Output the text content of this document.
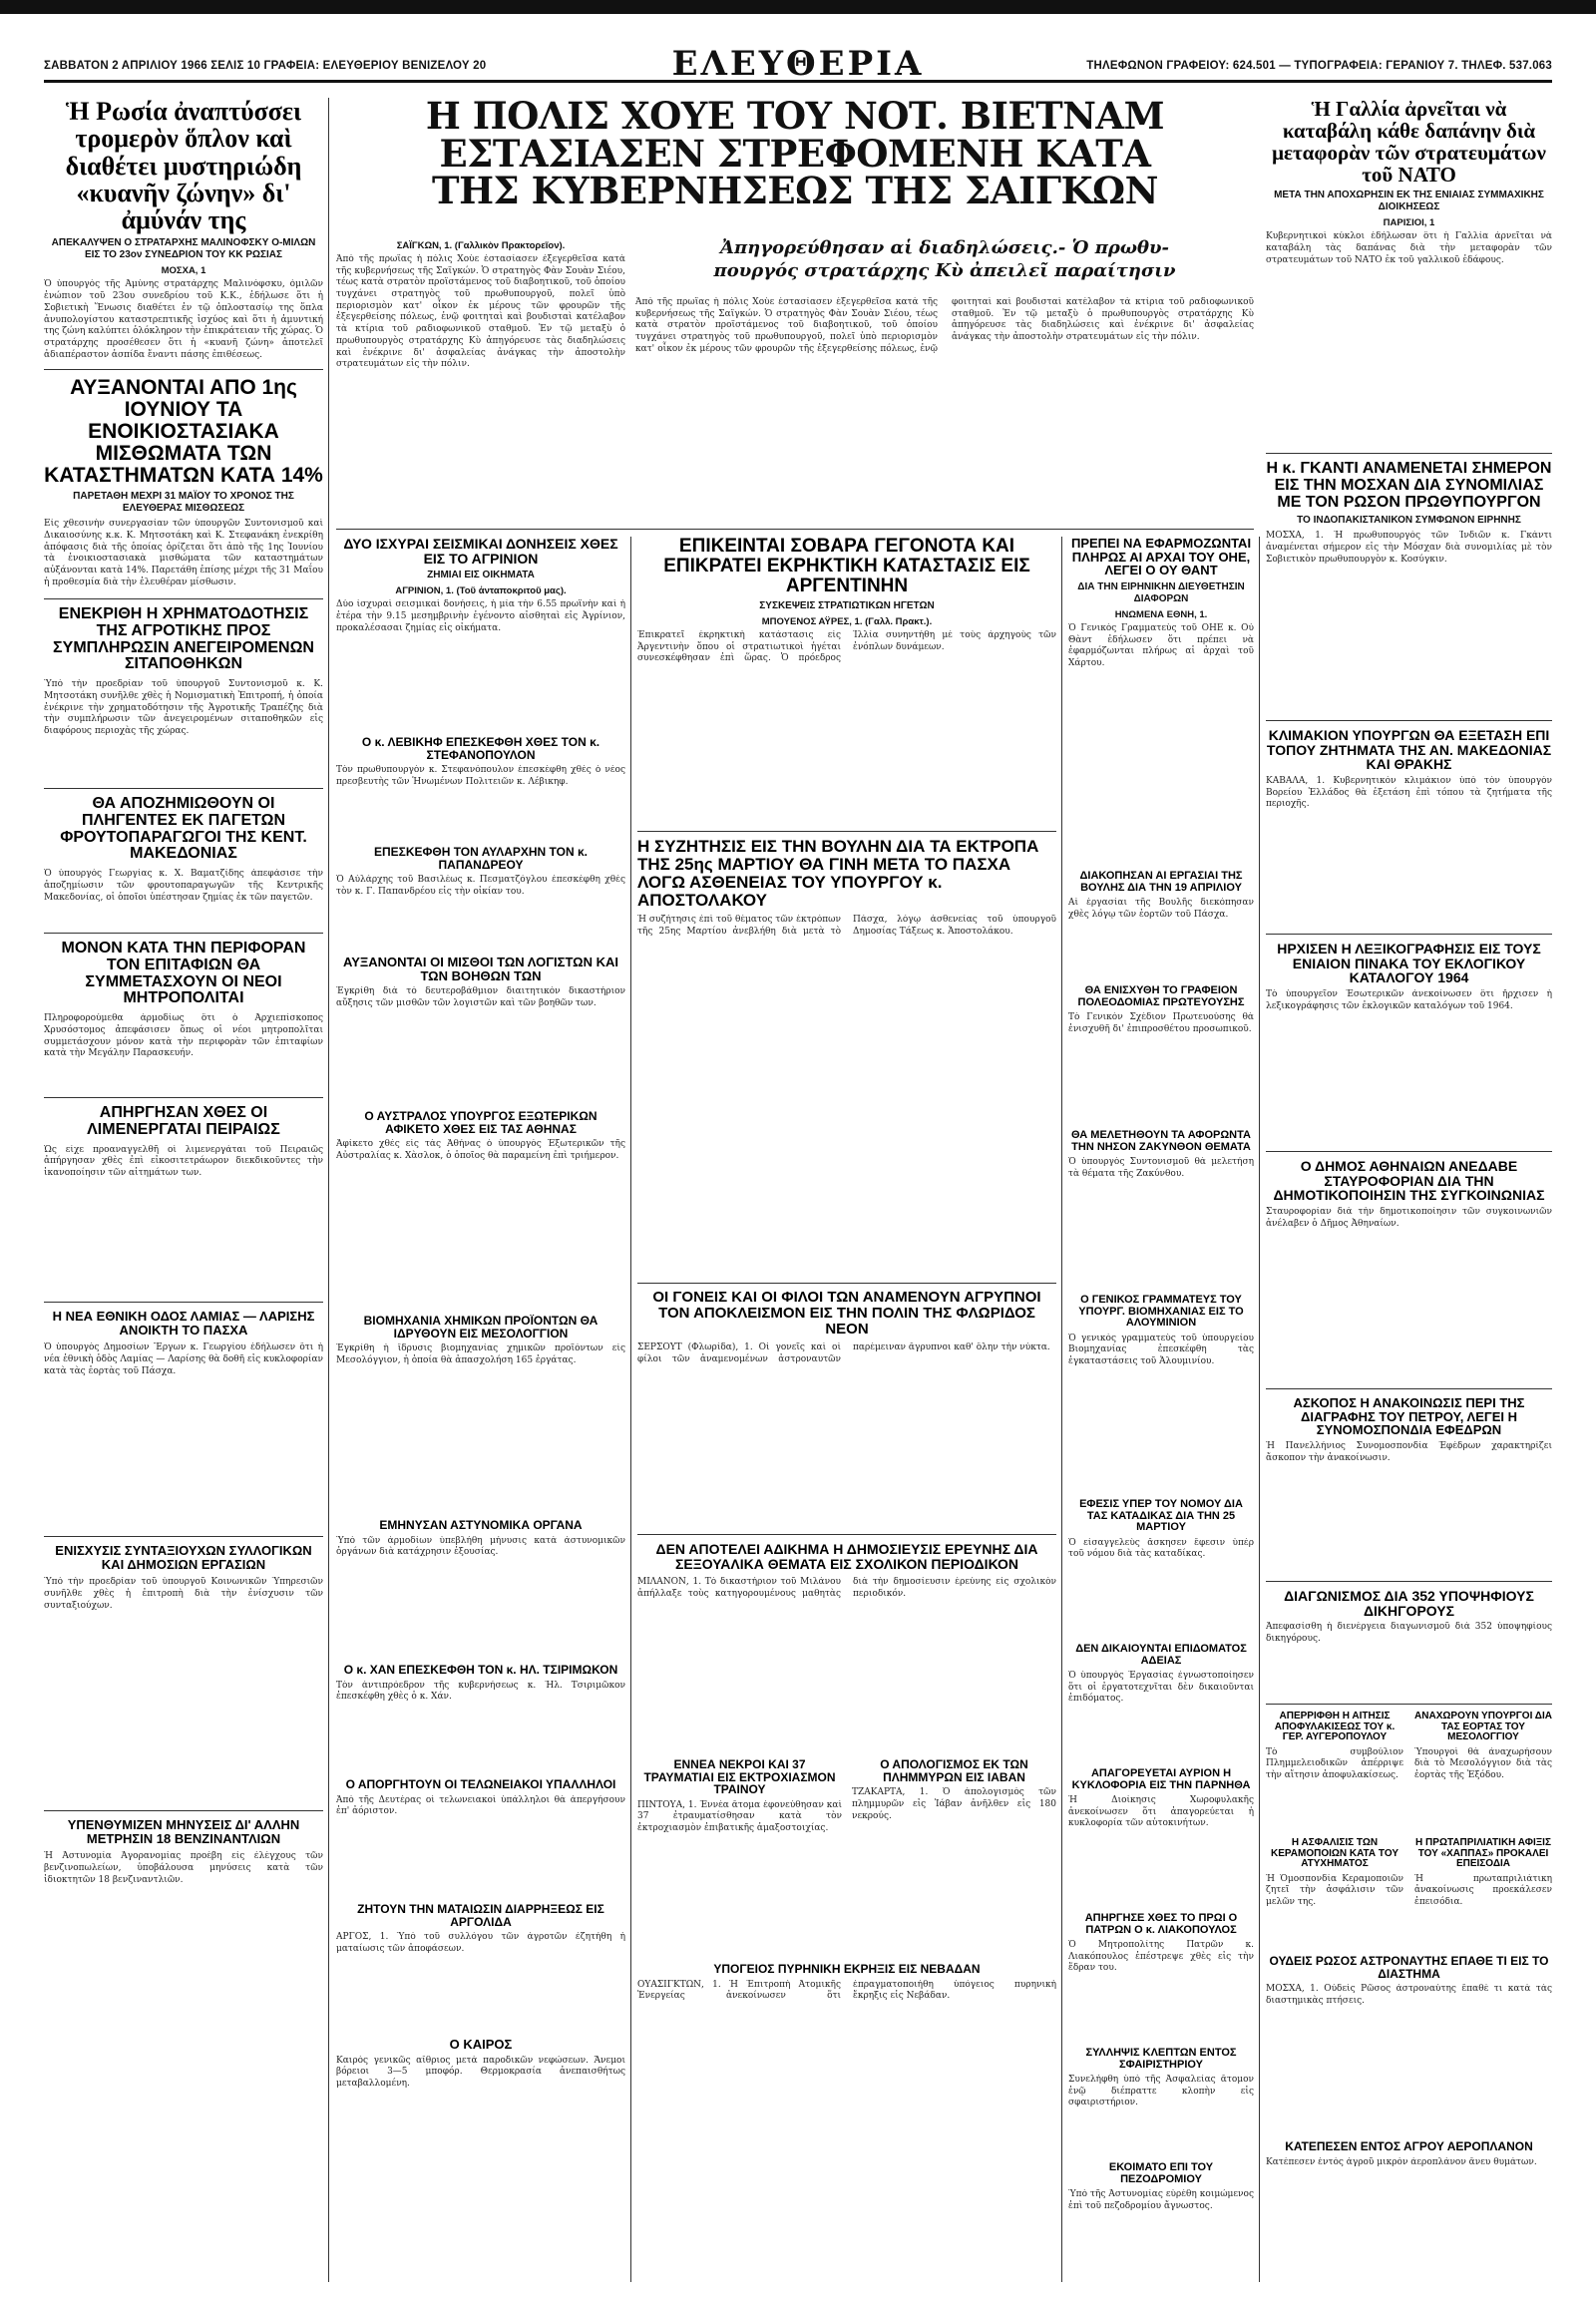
ΣΑΒΒΑΤΟΝ 2 ΑΠΡΙΛΙΟΥ 1966 ΣΕΛΙΣ 10 ΓΡΑΦΕΙΑ: ΕΛΕΥΘΕΡΙΟΥ ΒΕΝΙΖΕΛΟΥ 20	ΕΛΕΥΘΕΡΙΑ	ΤΗΛΕΦΩΝΟΝ ΓΡΑΦΕΙΟΥ: 624.501 — ΤΥΠΟΓΡΑΦΕΙΑ: ΓΕΡΑΝΙΟΥ 7. ΤΗΛΕΦ. 537.063
Ἡ Ρωσία ἀναπτύσσει τρομερὸν ὅπλον καὶ διαθέτει μυστηριώδη «κυανῆν ζώνην» δι' ἀμύνάν της
ΑΠΕΚΑΛΥΨΕΝ Ο ΣΤΡΑΤΑΡΧΗΣ ΜΑΛΙΝΟΦΣΚΥ Ο-ΜΙΛΩΝ ΕΙΣ ΤΟ 23ον ΣΥΝΕΔΡΙΟΝ ΤΟΥ ΚΚ ΡΩΣΙΑΣ
ΜΟΣΧΑ, 1
Ὁ ὑπουργὸς τῆς Ἀμύνης στρατάρχης Μαλινόφσκυ, ὁμιλῶν ἐνώπιον τοῦ 23ου συνεδρίου τοῦ Κ.Κ., ἐδήλωσε ὅτι ἡ Σοβιετικὴ Ἕνωσις διαθέτει ἐν τῷ ὁπλοστασίῳ της ὅπλα ἀνυπολογίστου καταστρεπτικῆς ἰσχύος καὶ ὅτι ἡ ἀμυντική της ζώνη καλύπτει ὁλόκληρον τὴν ἐπικράτειαν τῆς χώρας. Ὁ στρατάρχης προσέθεσεν ὅτι ἡ «κυανῆ ζώνη» ἀποτελεῖ ἀδιαπέραστον ἀσπίδα ἔναντι πάσης ἐπιθέσεως.
ΑΥΞΑΝΟΝΤΑΙ ΑΠΟ 1ης ΙΟΥΝΙΟΥ ΤΑ ΕΝΟΙΚΙΟΣΤΑΣΙΑΚΑ ΜΙΣΘΩΜΑΤΑ ΤΩΝ ΚΑΤΑΣΤΗΜΑΤΩΝ ΚΑΤΑ 14%
ΠΑΡΕΤΑΘΗ ΜΕΧΡΙ 31 ΜΑΪΟΥ ΤΟ ΧΡΟΝΟΣ ΤΗΣ ΕΛΕΥΘΕΡΑΣ ΜΙΣΘΩΣΕΩΣ
Εἰς χθεσινὴν συνεργασίαν τῶν ὑπουργῶν Συντονισμοῦ καὶ Δικαιοσύνης κ.κ. Κ. Μητσοτάκη καὶ Κ. Στεφανάκη ἐνεκρίθη ἀπόφασις διὰ τῆς ὁποίας ὁρίζεται ὅτι ἀπὸ τῆς 1ης Ἰουνίου τὰ ἐνοικιοστασιακὰ μισθώματα τῶν καταστημάτων αὐξάνονται κατὰ 14%. Παρετάθη ἐπίσης μέχρι τῆς 31 Μαΐου ἡ προθεσμία διὰ τὴν ἐλευθέραν μίσθωσιν.
ΕΝΕΚΡΙΘΗ Η ΧΡΗΜΑΤΟΔΟΤΗΣΙΣ ΤΗΣ ΑΓΡΟΤΙΚΗΣ ΠΡΟΣ ΣΥΜΠΛΗΡΩΣΙΝ ΑΝΕΓΕΙΡΟΜΕΝΩΝ ΣΙΤΑΠΟΘΗΚΩΝ
Ὑπὸ τὴν προεδρίαν τοῦ ὑπουργοῦ Συντονισμοῦ κ. Κ. Μητσοτάκη συνῆλθε χθὲς ἡ Νομισματικὴ Ἐπιτροπή, ἡ ὁποία ἐνέκρινε τὴν χρηματοδότησιν τῆς Ἀγροτικῆς Τραπέζης διὰ τὴν συμπλήρωσιν τῶν ἀνεγειρομένων σιταποθηκῶν εἰς διαφόρους περιοχὰς τῆς χώρας.
ΘΑ ΑΠΟΖΗΜΙΩΘΟΥΝ ΟΙ ΠΛΗΓΕΝΤΕΣ ΕΚ ΠΑΓΕΤΩΝ ΦΡΟΥΤΟΠΑΡΑΓΩΓΟΙ ΤΗΣ ΚΕΝΤ. ΜΑΚΕΔΟΝΙΑΣ
Ὁ ὑπουργὸς Γεωργίας κ. Χ. Βαματζίδης ἀπεφάσισε τὴν ἀποζημίωσιν τῶν φρουτοπαραγωγῶν τῆς Κεντρικῆς Μακεδονίας, οἱ ὁποῖοι ὑπέστησαν ζημίας ἐκ τῶν παγετῶν.
ΜΟΝΟΝ ΚΑΤΑ ΤΗΝ ΠΕΡΙΦΟΡΑΝ ΤΟΝ ΕΠΙΤΑΦΙΩΝ ΘΑ ΣΥΜΜΕΤΑΣΧΟΥΝ ΟΙ ΝΕΟΙ ΜΗΤΡΟΠΟΛΙΤΑΙ
Πληροφορούμεθα ἀρμοδίως ὅτι ὁ Ἀρχιεπίσκοπος Χρυσόστομος ἀπεφάσισεν ὅπως οἱ νέοι μητροπολῖται συμμετάσχουν μόνον κατὰ τὴν περιφορὰν τῶν ἐπιταφίων κατὰ τὴν Μεγάλην Παρασκευήν.
ΑΠΗΡΓΗΣΑΝ ΧΘΕΣ ΟΙ ΛΙΜΕΝΕΡΓΑΤΑΙ ΠΕΙΡΑΙΩΣ
Ὡς εἶχε προαναγγελθῆ οἱ λιμενεργάται τοῦ Πειραιῶς ἀπήργησαν χθὲς ἐπὶ εἰκοσιτετράωρον διεκδικοῦντες τὴν ἱκανοποίησιν τῶν αἰτημάτων των.
Η ΝΕΑ ΕΘΝΙΚΗ ΟΔΟΣ ΛΑΜΙΑΣ — ΛΑΡΙΣΗΣ ΑΝΟΙΚΤΗ ΤΟ ΠΑΣΧΑ
Ὁ ὑπουργὸς Δημοσίων Ἔργων κ. Γεωργίου ἐδήλωσεν ὅτι ἡ νέα ἐθνικὴ ὁδὸς Λαμίας — Λαρίσης θὰ δοθῆ εἰς κυκλοφορίαν κατὰ τὰς ἑορτὰς τοῦ Πάσχα.
ΕΝΙΣΧΥΣΙΣ ΣΥΝΤΑΞΙΟΥΧΩΝ ΣΥΛΛΟΓΙΚΩΝ ΚΑΙ ΔΗΜΟΣΙΩΝ ΕΡΓΑΣΙΩΝ
Ὑπὸ τὴν προεδρίαν τοῦ ὑπουργοῦ Κοινωνικῶν Ὑπηρεσιῶν συνῆλθε χθὲς ἡ ἐπιτροπὴ διὰ τὴν ἐνίσχυσιν τῶν συνταξιούχων.
ΥΠΕΝΘΥΜΙΖΕΝ ΜΗΝΥΣΕΙΣ ΔΙ' ΑΛΛΗΝ ΜΕΤΡΗΣΙΝ 18 ΒΕΝΖΙΝΑΝΤΛΙΩΝ
Ἡ Ἀστυνομία Ἀγορανομίας προέβη εἰς ἐλέγχους τῶν βενζινοπωλείων, ὑποβάλουσα μηνύσεις κατὰ τῶν ἰδιοκτητῶν 18 βενζιναντλιῶν.
Η ΠΟΛΙΣ ΧΟΥΕ ΤΟΥ ΝΟΤ. ΒΙΕΤΝΑΜ
ΕΣΤΑΣΙΑΣΕΝ ΣΤΡΕΦΟΜΕΝΗ ΚΑΤΑ
ΤΗΣ ΚΥΒΕΡΝΗΣΕΩΣ ΤΗΣ ΣΑΙΓΚΩΝ
ΣΑΪΓΚΩΝ, 1. (Γαλλικὸν Πρακτορεῖον).
Ἀπὸ τῆς πρωΐας ἡ πόλις Χοὺε ἐστασίασεν ἐξεγερθεῖσα κατὰ τῆς κυβερνήσεως τῆς Σαϊγκών. Ὁ στρατηγὸς Φὰν Σουὰν Σιέου, τέως κατὰ στρατὸν προϊστάμενος τοῦ διαβοητικοῦ, τοῦ ὁποίου τυγχάνει στρατηγὸς τοῦ πρωθυπουργοῦ, πολεῖ ὑπὸ περιορισμὸν κατ' οἶκον ἐκ μέρους τῶν φρουρῶν τῆς ἐξεγερθείσης πόλεως, ἐνῷ φοιτηταὶ καὶ βουδισταὶ κατέλαβον τὰ κτίρια τοῦ ραδιοφωνικοῦ σταθμοῦ. Ἐν τῷ μεταξὺ ὁ πρωθυπουργὸς στρατάρχης Κὺ ἀπηγόρευσε τὰς διαδηλώσεις καὶ ἐνέκρινε δι' ἀσφαλείας ἀνάγκας τὴν ἀποστολὴν στρατευμάτων εἰς τὴν πόλιν.
Ἀπηγορεύθησαν αἱ διαδηλώσεις.- Ὁ πρωθυ-
πουργός στρατάρχης Κὺ ἀπειλεῖ παραίτησιν
Ἀπὸ τῆς πρωΐας ἡ πόλις Χοὺε ἐστασίασεν ἐξεγερθεῖσα κατὰ τῆς κυβερνήσεως τῆς Σαϊγκών. Ὁ στρατηγὸς Φὰν Σουὰν Σιέου, τέως κατὰ στρατὸν προϊστάμενος τοῦ διαβοητικοῦ, τοῦ ὁποίου τυγχάνει στρατηγὸς τοῦ πρωθυπουργοῦ, πολεῖ ὑπὸ περιορισμὸν κατ' οἶκον ἐκ μέρους τῶν φρουρῶν τῆς ἐξεγερθείσης πόλεως, ἐνῷ φοιτηταὶ καὶ βουδισταὶ κατέλαβον τὰ κτίρια τοῦ ραδιοφωνικοῦ σταθμοῦ. Ἐν τῷ μεταξὺ ὁ πρωθυπουργὸς στρατάρχης Κὺ ἀπηγόρευσε τὰς διαδηλώσεις καὶ ἐνέκρινε δι' ἀσφαλείας ἀνάγκας τὴν ἀποστολὴν στρατευμάτων εἰς τὴν πόλιν.
ΔΥΟ ΙΣΧΥΡΑΙ ΣΕΙΣΜΙΚΑΙ ΔΟΝΗΣΕΙΣ ΧΘΕΣ ΕΙΣ ΤΟ ΑΓΡΙΝΙΟΝ
ΖΗΜΙΑΙ ΕΙΣ ΟΙΚΗΜΑΤΑ
ΑΓΡΙΝΙΟΝ, 1. (Τοῦ ἀνταποκριτοῦ μας).
Δύο ἰσχυραὶ σεισμικαὶ δονήσεις, ἡ μία τὴν 6.55 πρωϊνὴν καὶ ἡ ἑτέρα τὴν 9.15 μεσημβρινὴν ἐγένοντο αἰσθηταὶ εἰς Ἀγρίνιον, προκαλέσασαι ζημίας εἰς οἰκήματα.
Ο κ. ΛΕΒΙΚΗΦ ΕΠΕΣΚΕΦΘΗ ΧΘΕΣ ΤΟΝ κ. ΣΤΕΦΑΝΟΠΟΥΛΟΝ
Τὸν πρωθυπουργὸν κ. Στεφανόπουλον ἐπεσκέφθη χθὲς ὁ νέος πρεσβευτὴς τῶν Ἡνωμένων Πολιτειῶν κ. Λέβικηφ.
ΕΠΕΣΚΕΦΘΗ ΤΟΝ ΑΥΛΑΡΧΗΝ ΤΟΝ κ. ΠΑΠΑΝΔΡΕΟΥ
Ὁ Αὐλάρχης τοῦ Βασιλέως κ. Πεσματζόγλου ἐπεσκέφθη χθὲς τὸν κ. Γ. Παπανδρέου εἰς τὴν οἰκίαν του.
ΑΥΞΑΝΟΝΤΑΙ ΟΙ ΜΙΣΘΟΙ ΤΩΝ ΛΟΓΙΣΤΩΝ ΚΑΙ ΤΩΝ ΒΟΗΘΩΝ ΤΩΝ
Ἐγκρίθη διὰ τὸ δευτεροβάθμιον διαιτητικὸν δικαστήριον αὔξησις τῶν μισθῶν τῶν λογιστῶν καὶ τῶν βοηθῶν των.
Ο ΑΥΣΤΡΑΛΟΣ ΥΠΟΥΡΓΟΣ ΕΞΩΤΕΡΙΚΩΝ ΑΦΙΚΕΤΟ ΧΘΕΣ ΕΙΣ ΤΑΣ ΑΘΗΝΑΣ
Ἀφίκετο χθὲς εἰς τὰς Ἀθήνας ὁ ὑπουργὸς Ἐξωτερικῶν τῆς Αὐστραλίας κ. Χὰσλοκ, ὁ ὁποῖος θὰ παραμείνη ἐπὶ τριήμερον.
ΒΙΟΜΗΧΑΝΙΑ ΧΗΜΙΚΩΝ ΠΡΟΪΟΝΤΩΝ ΘΑ ΙΔΡΥΘΟΥΝ ΕΙΣ ΜΕΣΟΛΟΓΓΙΟΝ
Ἐγκρίθη ἡ ἵδρυσις βιομηχανίας χημικῶν προϊόντων εἰς Μεσολόγγιον, ἡ ὁποία θὰ ἀπασχολήση 165 ἐργάτας.
ΕΜΗΝΥΣΑΝ ΑΣΤΥΝΟΜΙΚΑ ΟΡΓΑΝΑ
Ὑπὸ τῶν ἁρμοδίων ὑπεβλήθη μήνυσις κατὰ ἀστυνομικῶν ὀργάνων διὰ κατάχρησιν ἐξουσίας.
Ο κ. ΧΑΝ ΕΠΕΣΚΕΦΘΗ ΤΟΝ κ. ΗΛ. ΤΣΙΡΙΜΩΚΟΝ
Τὸν ἀντιπρόεδρον τῆς κυβερνήσεως κ. Ἠλ. Τσιριμῶκον ἐπεσκέφθη χθὲς ὁ κ. Χάν.
Ο ΑΠΟΡΓΗΤΟΥΝ ΟΙ ΤΕΛΩΝΕΙΑΚΟΙ ΥΠΑΛΛΗΛΟΙ
Ἀπὸ τῆς Δευτέρας οἱ τελωνειακοὶ ὑπάλληλοι θὰ ἀπεργήσουν ἐπ' ἀόριστον.
ΖΗΤΟΥΝ ΤΗΝ ΜΑΤΑΙΩΣΙΝ ΔΙΑΡΡΗΞΕΩΣ ΕΙΣ ΑΡΓΟΛΙΔΑ
ΑΡΓΟΣ, 1. Ὑπὸ τοῦ συλλόγου τῶν ἀγροτῶν ἐζητήθη ἡ ματαίωσις τῶν ἀποφάσεων.
Ο ΚΑΙΡΟΣ
Καιρὸς γενικῶς αἴθριος μετὰ παροδικῶν νεφώσεων. Ἄνεμοι βόρειοι 3—5 μποφόρ. Θερμοκρασία ἀνεπαισθήτως μεταβαλλομένη.
ΕΠΙΚΕΙΝΤΑΙ ΣΟΒΑΡΑ ΓΕΓΟΝΟΤΑ ΚΑΙ ΕΠΙΚΡΑΤΕΙ ΕΚΡΗΚΤΙΚΗ ΚΑΤΑΣΤΑΣΙΣ ΕΙΣ ΑΡΓΕΝΤΙΝΗΝ
ΣΥΣΚΕΨΕΙΣ ΣΤΡΑΤΙΩΤΙΚΩΝ ΗΓΕΤΩΝ
ΜΠΟΥΕΝΟΣ ΑΫΡΕΣ, 1. (Γαλλ. Πρακτ.).
Ἐπικρατεῖ ἐκρηκτικὴ κατάστασις εἰς Ἀργεντινὴν ὅπου οἱ στρατιωτικοὶ ἡγέται συνεσκέφθησαν ἐπὶ ὥρας. Ὁ πρόεδρος Ἰλλία συνηντήθη μὲ τοὺς ἀρχηγοὺς τῶν ἐνόπλων δυνάμεων.
Η ΣΥΖΗΤΗΣΙΣ ΕΙΣ ΤΗΝ ΒΟΥΛΗΝ ΔΙΑ ΤΑ ΕΚΤΡΟΠΑ ΤΗΣ 25ης ΜΑΡΤΙΟΥ ΘΑ ΓΙΝΗ ΜΕΤΑ ΤΟ ΠΑΣΧΑ ΛΟΓΩ ΑΣΘΕΝΕΙΑΣ ΤΟΥ ΥΠΟΥΡΓΟΥ κ. ΑΠΟΣΤΟΛΑΚΟΥ
Ἡ συζήτησις ἐπὶ τοῦ θέματος τῶν ἐκτρόπων τῆς 25ης Μαρτίου ἀνεβλήθη διὰ μετὰ τὸ Πάσχα, λόγῳ ἀσθενείας τοῦ ὑπουργοῦ Δημοσίας Τάξεως κ. Ἀποστολάκου.
ΟΙ ΓΟΝΕΙΣ ΚΑΙ ΟΙ ΦΙΛΟΙ ΤΩΝ ΑΝΑΜΕΝΟΥΝ ΑΓΡΥΠΝΟΙ ΤΟΝ ΑΠΟΚΛΕΙΣΜΟΝ ΕΙΣ ΤΗΝ ΠΟΛΙΝ ΤΗΣ ΦΛΩΡΙΔΟΣ ΝΕΟΝ
ΣΕΡΣΟΫΤ (Φλωρίδα), 1. Οἱ γονεῖς καὶ οἱ φίλοι τῶν ἀναμενομένων ἀστροναυτῶν παρέμειναν ἄγρυπνοι καθ' ὅλην τὴν νύκτα.
ΔΕΝ ΑΠΟΤΕΛΕΙ ΑΔΙΚΗΜΑ Η ΔΗΜΟΣΙΕΥΣΙΣ ΕΡΕΥΝΗΣ ΔΙΑ ΣΕΞΟΥΑΛΙΚΑ ΘΕΜΑΤΑ ΕΙΣ ΣΧΟΛΙΚΟΝ ΠΕΡΙΟΔΙΚΟΝ
ΜΙΛΑΝΟΝ, 1. Τὸ δικαστήριον τοῦ Μιλάνου ἀπήλλαξε τοὺς κατηγορουμένους μαθητὰς διὰ τὴν δημοσίευσιν ἐρεύνης εἰς σχολικὸν περιοδικόν.
ΕΝΝΕΑ ΝΕΚΡΟΙ ΚΑΙ 37 ΤΡΑΥΜΑΤΙΑΙ ΕΙΣ ΕΚΤΡΟΧΙΑΣΜΟΝ ΤΡΑΙΝΟΥ
ΠΙΝΤΟΥΑ, 1. Ἐννέα ἄτομα ἐφονεύθησαν καὶ 37 ἐτραυματίσθησαν κατὰ τὸν ἐκτροχιασμὸν ἐπιβατικῆς ἀμαξοστοιχίας.
Ο ΑΠΟΛΟΓΙΣΜΟΣ ΕΚ ΤΩΝ ΠΛΗΜΜΥΡΩΝ ΕΙΣ ΙΑΒΑΝ
ΤΖΑΚΑΡΤΑ, 1. Ὁ ἀπολογισμὸς τῶν πλημμυρῶν εἰς Ἰάβαν ἀνῆλθεν εἰς 180 νεκρούς.
ΥΠΟΓΕΙΟΣ ΠΥΡΗΝΙΚΗ ΕΚΡΗΞΙΣ ΕΙΣ ΝΕΒΑΔΑΝ
ΟΥΑΣΙΓΚΤΩΝ, 1. Ἡ Ἐπιτροπὴ Ἀτομικῆς Ἐνεργείας ἀνεκοίνωσεν ὅτι ἐπραγματοποιήθη ὑπόγειος πυρηνικὴ ἔκρηξις εἰς Νεβάδαν.
ΠΡΕΠΕΙ ΝΑ ΕΦΑΡΜΟΖΩΝΤΑΙ ΠΛΗΡΩΣ ΑΙ ΑΡΧΑΙ ΤΟΥ ΟΗΕ, ΛΕΓΕΙ Ο ΟΥ ΘΑΝΤ
ΔΙΑ ΤΗΝ ΕΙΡΗΝΙΚΗΝ ΔΙΕΥΘΕΤΗΣΙΝ ΔΙΑΦΟΡΩΝ
ΗΝΩΜΕΝΑ ΕΘΝΗ, 1.
Ὁ Γενικὸς Γραμματεὺς τοῦ ΟΗΕ κ. Οὖ Θὰντ ἐδήλωσεν ὅτι πρέπει νὰ ἐφαρμόζωνται πλήρως αἱ ἀρχαὶ τοῦ Χάρτου.
ΔΙΑΚΟΠΗΣΑΝ ΑΙ ΕΡΓΑΣΙΑΙ ΤΗΣ ΒΟΥΛΗΣ ΔΙΑ ΤΗΝ 19 ΑΠΡΙΛΙΟΥ
Αἱ ἐργασίαι τῆς Βουλῆς διεκόπησαν χθὲς λόγῳ τῶν ἑορτῶν τοῦ Πάσχα.
ΘΑ ΕΝΙΣΧΥΘΗ ΤΟ ΓΡΑΦΕΙΟΝ ΠΟΛΕΟΔΟΜΙΑΣ ΠΡΩΤΕΥΟΥΣΗΣ
Τὸ Γενικὸν Σχέδιον Πρωτευούσης θὰ ἐνισχυθῆ δι' ἐπιπροσθέτου προσωπικοῦ.
ΘΑ ΜΕΛΕΤΗΘΟΥΝ ΤΑ ΑΦΟΡΩΝΤΑ ΤΗΝ ΝΗΣΟΝ ΖΑΚΥΝΘΟΝ ΘΕΜΑΤΑ
Ὁ ὑπουργὸς Συντονισμοῦ θὰ μελετήση τὰ θέματα τῆς Ζακύνθου.
Ο ΓΕΝΙΚΟΣ ΓΡΑΜΜΑΤΕΥΣ ΤΟΥ ΥΠΟΥΡΓ. ΒΙΟΜΗΧΑΝΙΑΣ ΕΙΣ ΤΟ ΑΛΟΥΜΙΝΙΟΝ
Ὁ γενικὸς γραμματεὺς τοῦ ὑπουργείου Βιομηχανίας ἐπεσκέφθη τὰς ἐγκαταστάσεις τοῦ Ἀλουμινίου.
ΕΦΕΣΙΣ ΥΠΕΡ ΤΟΥ ΝΟΜΟΥ ΔΙΑ ΤΑΣ ΚΑΤΑΔΙΚΑΣ ΔΙΑ ΤΗΝ 25 ΜΑΡΤΙΟΥ
Ὁ εἰσαγγελεὺς ἄσκησεν ἔφεσιν ὑπὲρ τοῦ νόμου διὰ τὰς καταδίκας.
ΔΕΝ ΔΙΚΑΙΟΥΝΤΑΙ ΕΠΙΔΟΜΑΤΟΣ ΑΔΕΙΑΣ
Ὁ ὑπουργὸς Ἐργασίας ἐγνωστοποίησεν ὅτι οἱ ἐργατοτεχνῖται δὲν δικαιοῦνται ἐπιδόματος.
ΑΠΑΓΟΡΕΥΕΤΑΙ ΑΥΡΙΟΝ Η ΚΥΚΛΟΦΟΡΙΑ ΕΙΣ ΤΗΝ ΠΑΡΝΗΘΑ
Ἡ Διοίκησις Χωροφυλακῆς ἀνεκοίνωσεν ὅτι ἀπαγορεύεται ἡ κυκλοφορία τῶν αὐτοκινήτων.
ΑΠΗΡΓΗΣΕ ΧΘΕΣ ΤΟ ΠΡΩΙ Ο ΠΑΤΡΩΝ Ο κ. ΛΙΑΚΟΠΟΥΛΟΣ
Ὁ Μητροπολίτης Πατρῶν κ. Λιακόπουλος ἐπέστρεψε χθὲς εἰς τὴν ἕδραν του.
ΣΥΛΛΗΨΙΣ ΚΛΕΠΤΩΝ ΕΝΤΟΣ ΣΦΑΙΡΙΣΤΗΡΙΟΥ
Συνελήφθη ὑπὸ τῆς Ἀσφαλείας ἄτομον ἐνῷ διέπραττε κλοπὴν εἰς σφαιριστήριον.
ΕΚΟΙΜΑΤΟ ΕΠΙ ΤΟΥ ΠΕΖΟΔΡΟΜΙΟΥ
Ὑπὸ τῆς Ἀστυνομίας εὑρέθη κοιμώμενος ἐπὶ τοῦ πεζοδρομίου ἄγνωστος.
Ἡ Γαλλία ἀρνεῖται νὰ καταβάλη κάθε δαπάνην διὰ μεταφορὰν τῶν στρατευμάτων τοῦ ΝΑΤΟ
ΜΕΤΑ ΤΗΝ ΑΠΟΧΩΡΗΣΙΝ ΕΚ ΤΗΣ ΕΝΙΑΙΑΣ ΣΥΜΜΑΧΙΚΗΣ ΔΙΟΙΚΗΣΕΩΣ
ΠΑΡΙΣΙΟΙ, 1
Κυβερνητικοὶ κύκλοι ἐδήλωσαν ὅτι ἡ Γαλλία ἀρνεῖται νὰ καταβάλη τὰς δαπάνας διὰ τὴν μεταφορὰν τῶν στρατευμάτων τοῦ ΝΑΤΟ ἐκ τοῦ γαλλικοῦ ἐδάφους.
Η κ. ΓΚΑΝΤΙ ΑΝΑΜΕΝΕΤΑΙ ΣΗΜΕΡΟΝ ΕΙΣ ΤΗΝ ΜΟΣΧΑΝ ΔΙΑ ΣΥΝΟΜΙΛΙΑΣ ΜΕ ΤΟΝ ΡΩΣΟΝ ΠΡΩΘΥΠΟΥΡΓΟΝ
ΤΟ ΙΝΔΟΠΑΚΙΣΤΑΝΙΚΟΝ ΣΥΜΦΩΝΟΝ ΕΙΡΗΝΗΣ
ΜΟΣΧΑ, 1. Ἡ πρωθυπουργὸς τῶν Ἰνδιῶν κ. Γκάντι ἀναμένεται σήμερον εἰς τὴν Μόσχαν διὰ συνομιλίας μὲ τὸν Σοβιετικὸν πρωθυπουργὸν κ. Κοσύγκιν.
ΚΛΙΜΑΚΙΟΝ ΥΠΟΥΡΓΩΝ ΘΑ ΕΞΕΤΑΣΗ ΕΠΙ ΤΟΠΟΥ ΖΗΤΗΜΑΤΑ ΤΗΣ ΑΝ. ΜΑΚΕΔΟΝΙΑΣ ΚΑΙ ΘΡΑΚΗΣ
ΚΑΒΑΛΑ, 1. Κυβερνητικὸν κλιμάκιον ὑπὸ τὸν ὑπουργὸν Βορείου Ἑλλάδος θὰ ἐξετάση ἐπὶ τόπου τὰ ζητήματα τῆς περιοχῆς.
ΗΡΧΙΣΕΝ Η ΛΕΞΙΚΟΓΡΑΦΗΣΙΣ ΕΙΣ ΤΟΥΣ ΕΝΙΑΙΟΝ ΠΙΝΑΚΑ ΤΟΥ ΕΚΛΟΓΙΚΟΥ ΚΑΤΑΛΟΓΟΥ 1964
Τὸ ὑπουργεῖον Ἐσωτερικῶν ἀνεκοίνωσεν ὅτι ἤρχισεν ἡ λεξικογράφησις τῶν ἐκλογικῶν καταλόγων τοῦ 1964.
Ο ΔΗΜΟΣ ΑΘΗΝΑΙΩΝ ΑΝΕΔΑΒΕ ΣΤΑΥΡΟΦΟΡΙΑΝ ΔΙΑ ΤΗΝ ΔΗΜΟΤΙΚΟΠΟΙΗΣΙΝ ΤΗΣ ΣΥΓΚΟΙΝΩΝΙΑΣ
Σταυροφορίαν διὰ τὴν δημοτικοποίησιν τῶν συγκοινωνιῶν ἀνέλαβεν ὁ Δῆμος Ἀθηναίων.
ΑΣΚΟΠΟΣ Η ΑΝΑΚΟΙΝΩΣΙΣ ΠΕΡΙ ΤΗΣ ΔΙΑΓΡΑΦΗΣ ΤΟΥ ΠΕΤΡΟΥ, ΛΕΓΕΙ Η ΣΥΝΟΜΟΣΠΟΝΔΙΑ ΕΦΕΔΡΩΝ
Ἡ Πανελλήνιος Συνομοσπονδία Ἐφέδρων χαρακτηρίζει ἄσκοπον τὴν ἀνακοίνωσιν.
ΔΙΑΓΩΝΙΣΜΟΣ ΔΙΑ 352 ΥΠΟΨΗΦΙΟΥΣ ΔΙΚΗΓΟΡΟΥΣ
Ἀπεφασίσθη ἡ διενέργεια διαγωνισμοῦ διὰ 352 ὑποψηφίους δικηγόρους.
ΑΠΕΡΡΙΦΘΗ Η ΑΙΤΗΣΙΣ ΑΠΟΦΥΛΑΚΙΣΕΩΣ ΤΟΥ κ. ΓΕΡ. ΑΥΓΕΡΟΠΟΥΛΟΥ
Τὸ συμβούλιον Πλημμελειοδικῶν ἀπέρριψε τὴν αἴτησιν ἀποφυλακίσεως.
ΑΝΑΧΩΡΟΥΝ ΥΠΟΥΡΓΟΙ ΔΙΑ ΤΑΣ ΕΟΡΤΑΣ ΤΟΥ ΜΕΣΟΛΟΓΓΙΟΥ
Ὑπουργοὶ θὰ ἀναχωρήσουν διὰ τὸ Μεσολόγγιον διὰ τὰς ἑορτὰς τῆς Ἐξόδου.
Η ΑΣΦΑΛΙΣΙΣ ΤΩΝ ΚΕΡΑΜΟΠΟΙΩΝ ΚΑΤΑ ΤΟΥ ΑΤΥΧΗΜΑΤΟΣ
Ἡ Ὁμοσπονδία Κεραμοποιῶν ζητεῖ τὴν ἀσφάλισιν τῶν μελῶν της.
Η ΠΡΩΤΑΠΡΙΛΙΑΤΙΚΗ ΑΦΙΞΙΣ ΤΟΥ «ΧΑΠΠΑΣ» ΠΡΟΚΑΛΕΙ ΕΠΕΙΣΟΔΙΑ
Ἡ πρωταπριλιάτικη ἀνακοίνωσις προεκάλεσεν ἐπεισόδια.
ΟΥΔΕΙΣ ΡΩΣΟΣ ΑΣΤΡΟΝΑΥΤΗΣ ΕΠΑΘΕ ΤΙ ΕΙΣ ΤΟ ΔΙΑΣΤΗΜΑ
ΜΟΣΧΑ, 1. Οὐδεὶς Ρῶσος ἀστροναύτης ἔπαθέ τι κατὰ τὰς διαστημικὰς πτήσεις.
ΚΑΤΕΠΕΣΕΝ ΕΝΤΟΣ ΑΓΡΟΥ ΑΕΡΟΠΛΑΝΟΝ
Κατέπεσεν ἐντὸς ἀγροῦ μικρὸν ἀεροπλάνον ἄνευ θυμάτων.
